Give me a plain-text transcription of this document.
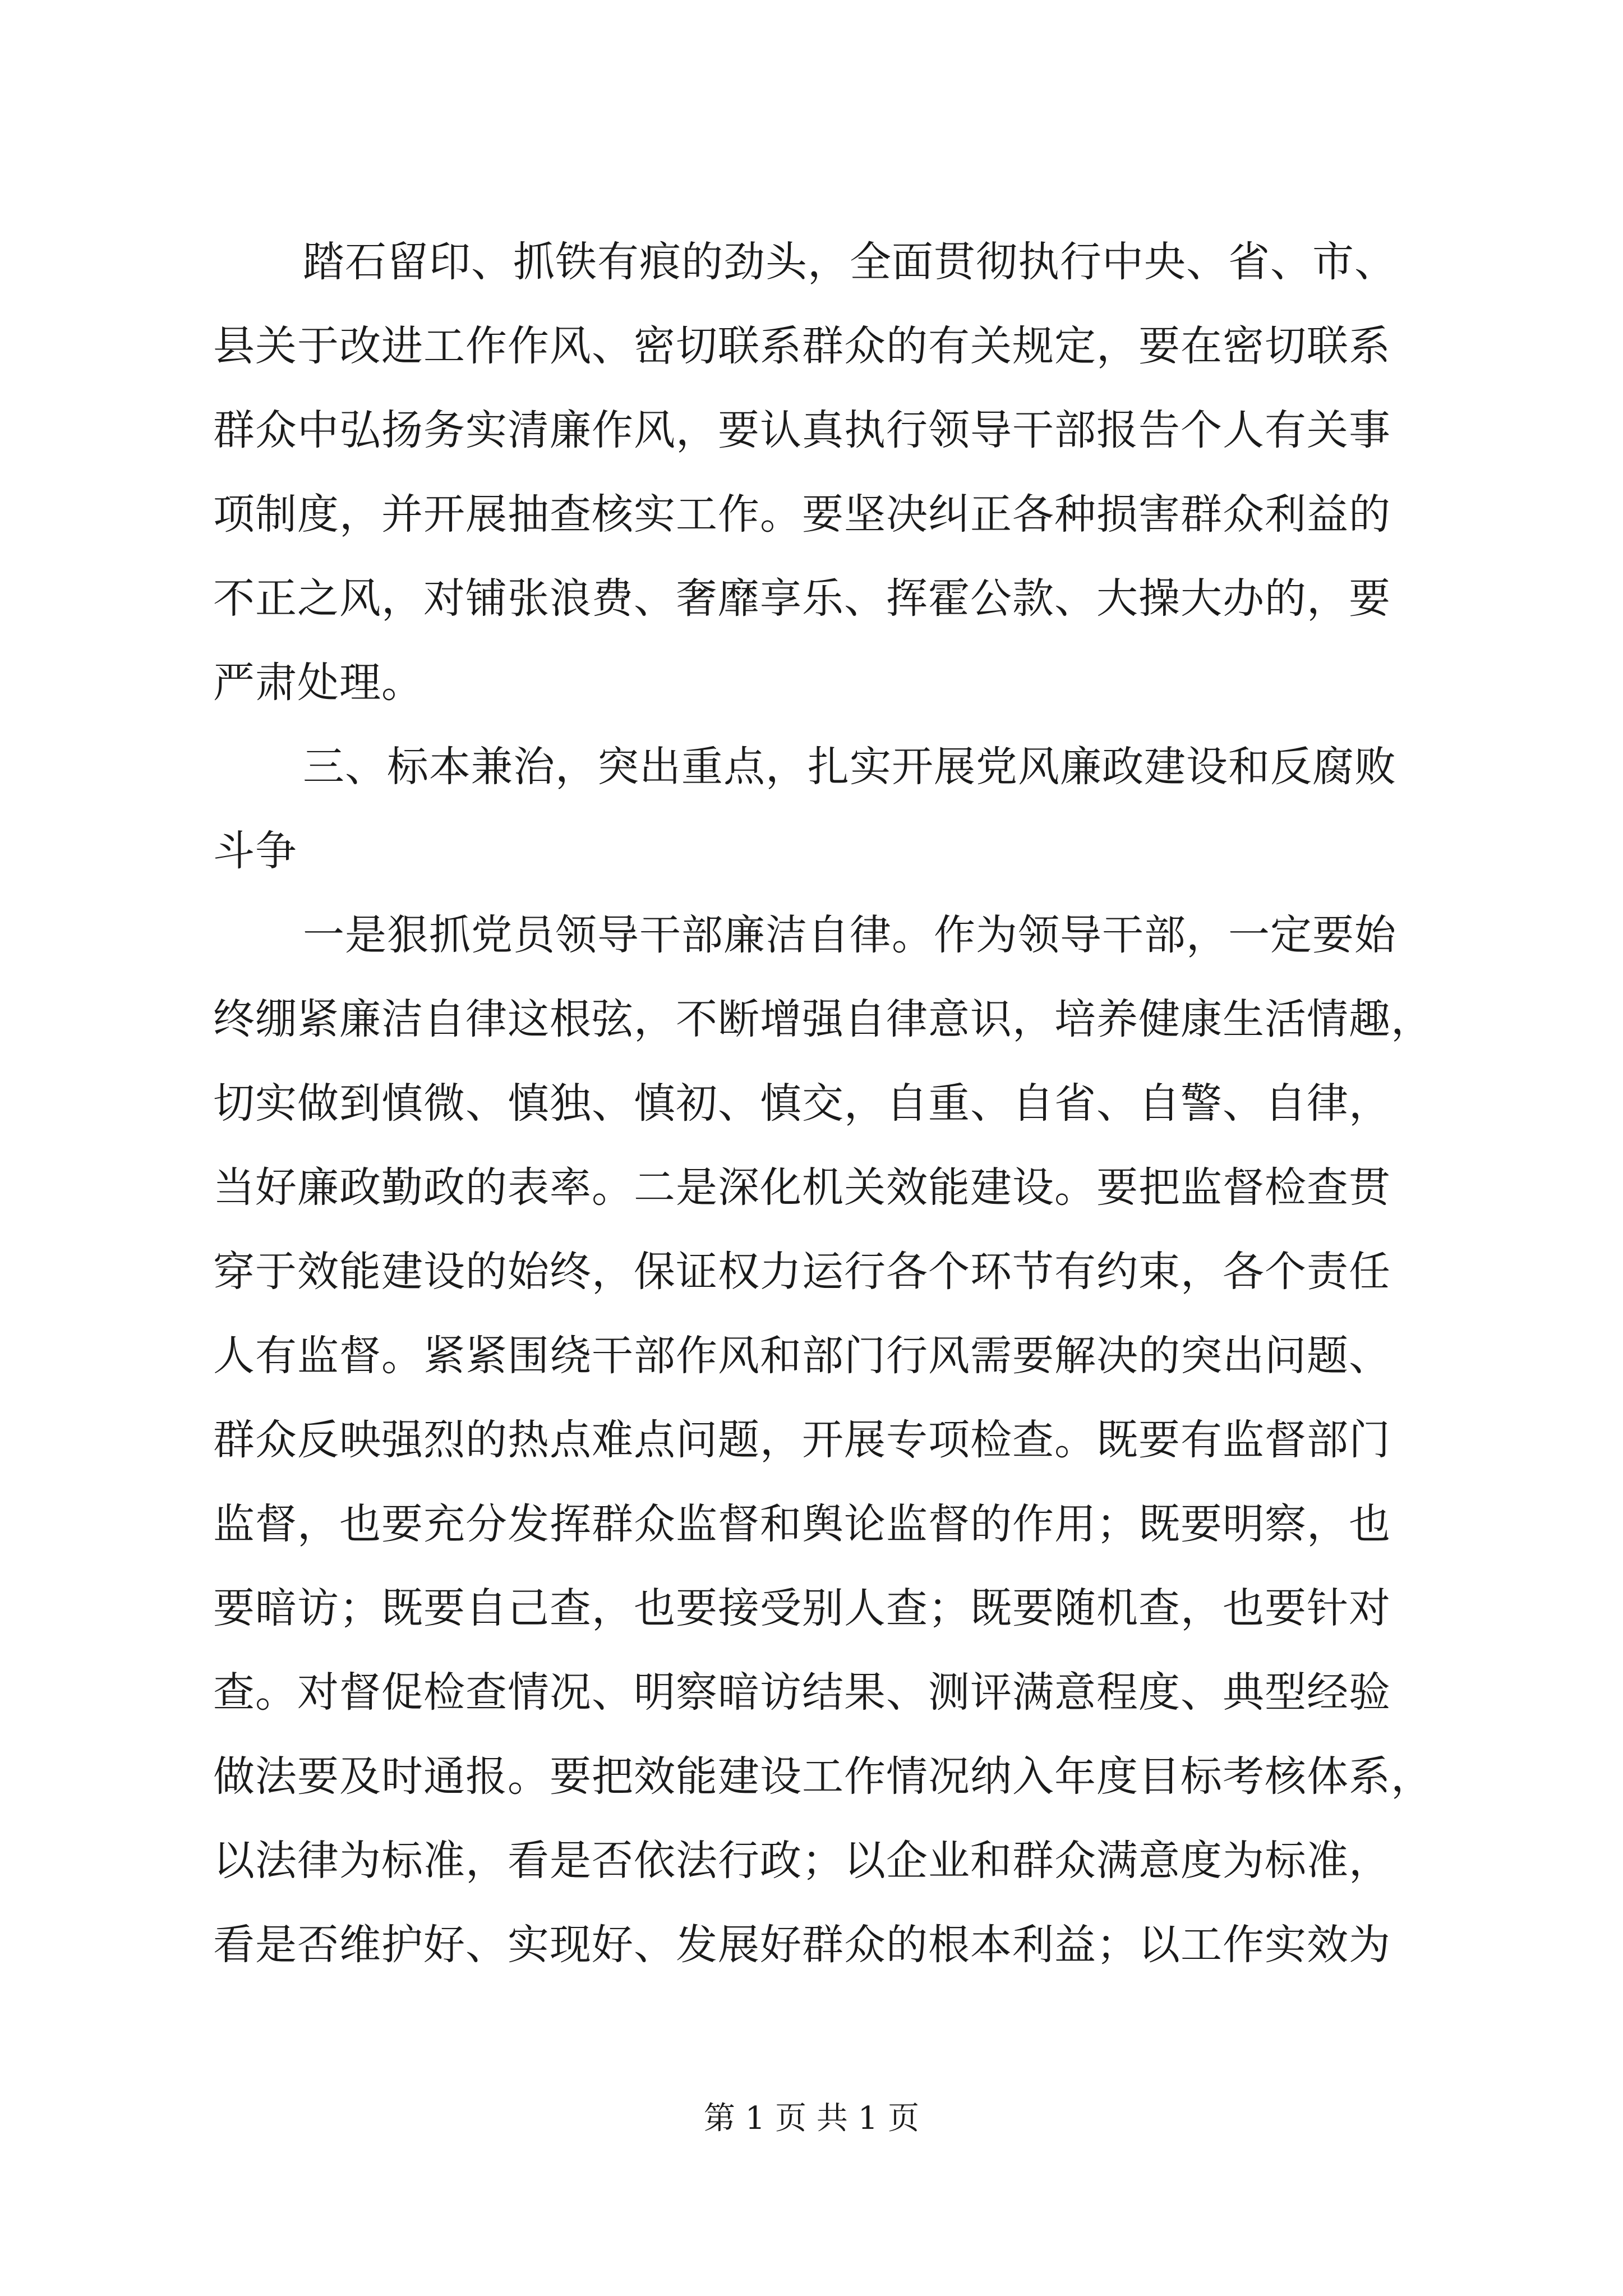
踏石留印、抓铁有痕的劲头，全面贯彻执行中央、省、市、
县关于改进工作作风、密切联系群众的有关规定，要在密切联系
群众中弘扬务实清廉作风，要认真执行领导干部报告个人有关事
项制度，并开展抽查核实工作。要坚决纠正各种损害群众利益的
不正之风，对铺张浪费、奢靡享乐、挥霍公款、大操大办的，要
严肃处理。
三、标本兼治，突出重点，扎实开展党风廉政建设和反腐败
斗争
一是狠抓党员领导干部廉洁自律。作为领导干部，一定要始
终绷紧廉洁自律这根弦，不断增强自律意识，培养健康生活情趣，
切实做到慎微、慎独、慎初、慎交，自重、自省、自警、自律，
当好廉政勤政的表率。二是深化机关效能建设。要把监督检查贯
穿于效能建设的始终，保证权力运行各个环节有约束，各个责任
人有监督。紧紧围绕干部作风和部门行风需要解决的突出问题、
群众反映强烈的热点难点问题，开展专项检查。既要有监督部门
监督，也要充分发挥群众监督和舆论监督的作用；既要明察，也
要暗访；既要自己查，也要接受别人查；既要随机查，也要针对
查。对督促检查情况、明察暗访结果、测评满意程度、典型经验
做法要及时通报。要把效能建设工作情况纳入年度目标考核体系，
以法律为标准，看是否依法行政；以企业和群众满意度为标准，
看是否维护好、实现好、发展好群众的根本利益；以工作实效为
第 1 页 共 1 页
